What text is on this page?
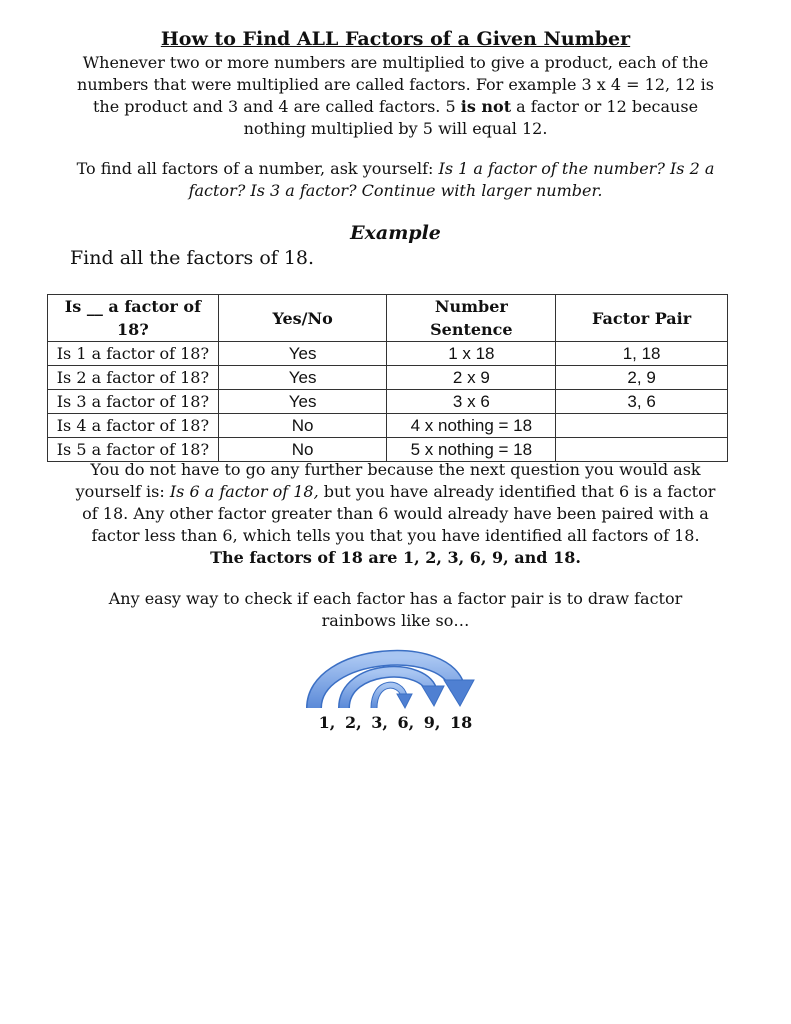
How to Find ALL Factors of a Given Number
Whenever two or more numbers are multiplied to give a product, each of the numbers that were multiplied are called factors. For example 3 x 4 = 12, 12 is the product and 3 and 4 are called factors. 5 is not a factor or 12 because nothing multiplied by 5 will equal 12.
To find all factors of a number, ask yourself: Is 1 a factor of the number? Is 2 a factor? Is 3 a factor? Continue with larger number.
Example
Find all the factors of 18.
Is __ a factor of 18?	Yes/No	Number Sentence	Factor Pair
Is 1 a factor of 18?	Yes	1 x 18	1, 18
Is 2 a factor of 18?	Yes	2 x 9	2, 9
Is 3 a factor of 18?	Yes	3 x 6	3, 6
Is 4 a factor of 18?	No	4 x nothing = 18	
Is 5 a factor of 18?	No	5 x nothing = 18	
You do not have to go any further because the next question you would ask yourself is: Is 6 a factor of 18, but you have already identified that 6 is a factor of 18. Any other factor greater than 6 would already have been paired with a factor less than 6, which tells you that you have identified all factors of 18.
The factors of 18 are 1, 2, 3, 6, 9, and 18.
Any easy way to check if each factor has a factor pair is to draw factor rainbows like so…
1, 2, 3, 6, 9, 18
